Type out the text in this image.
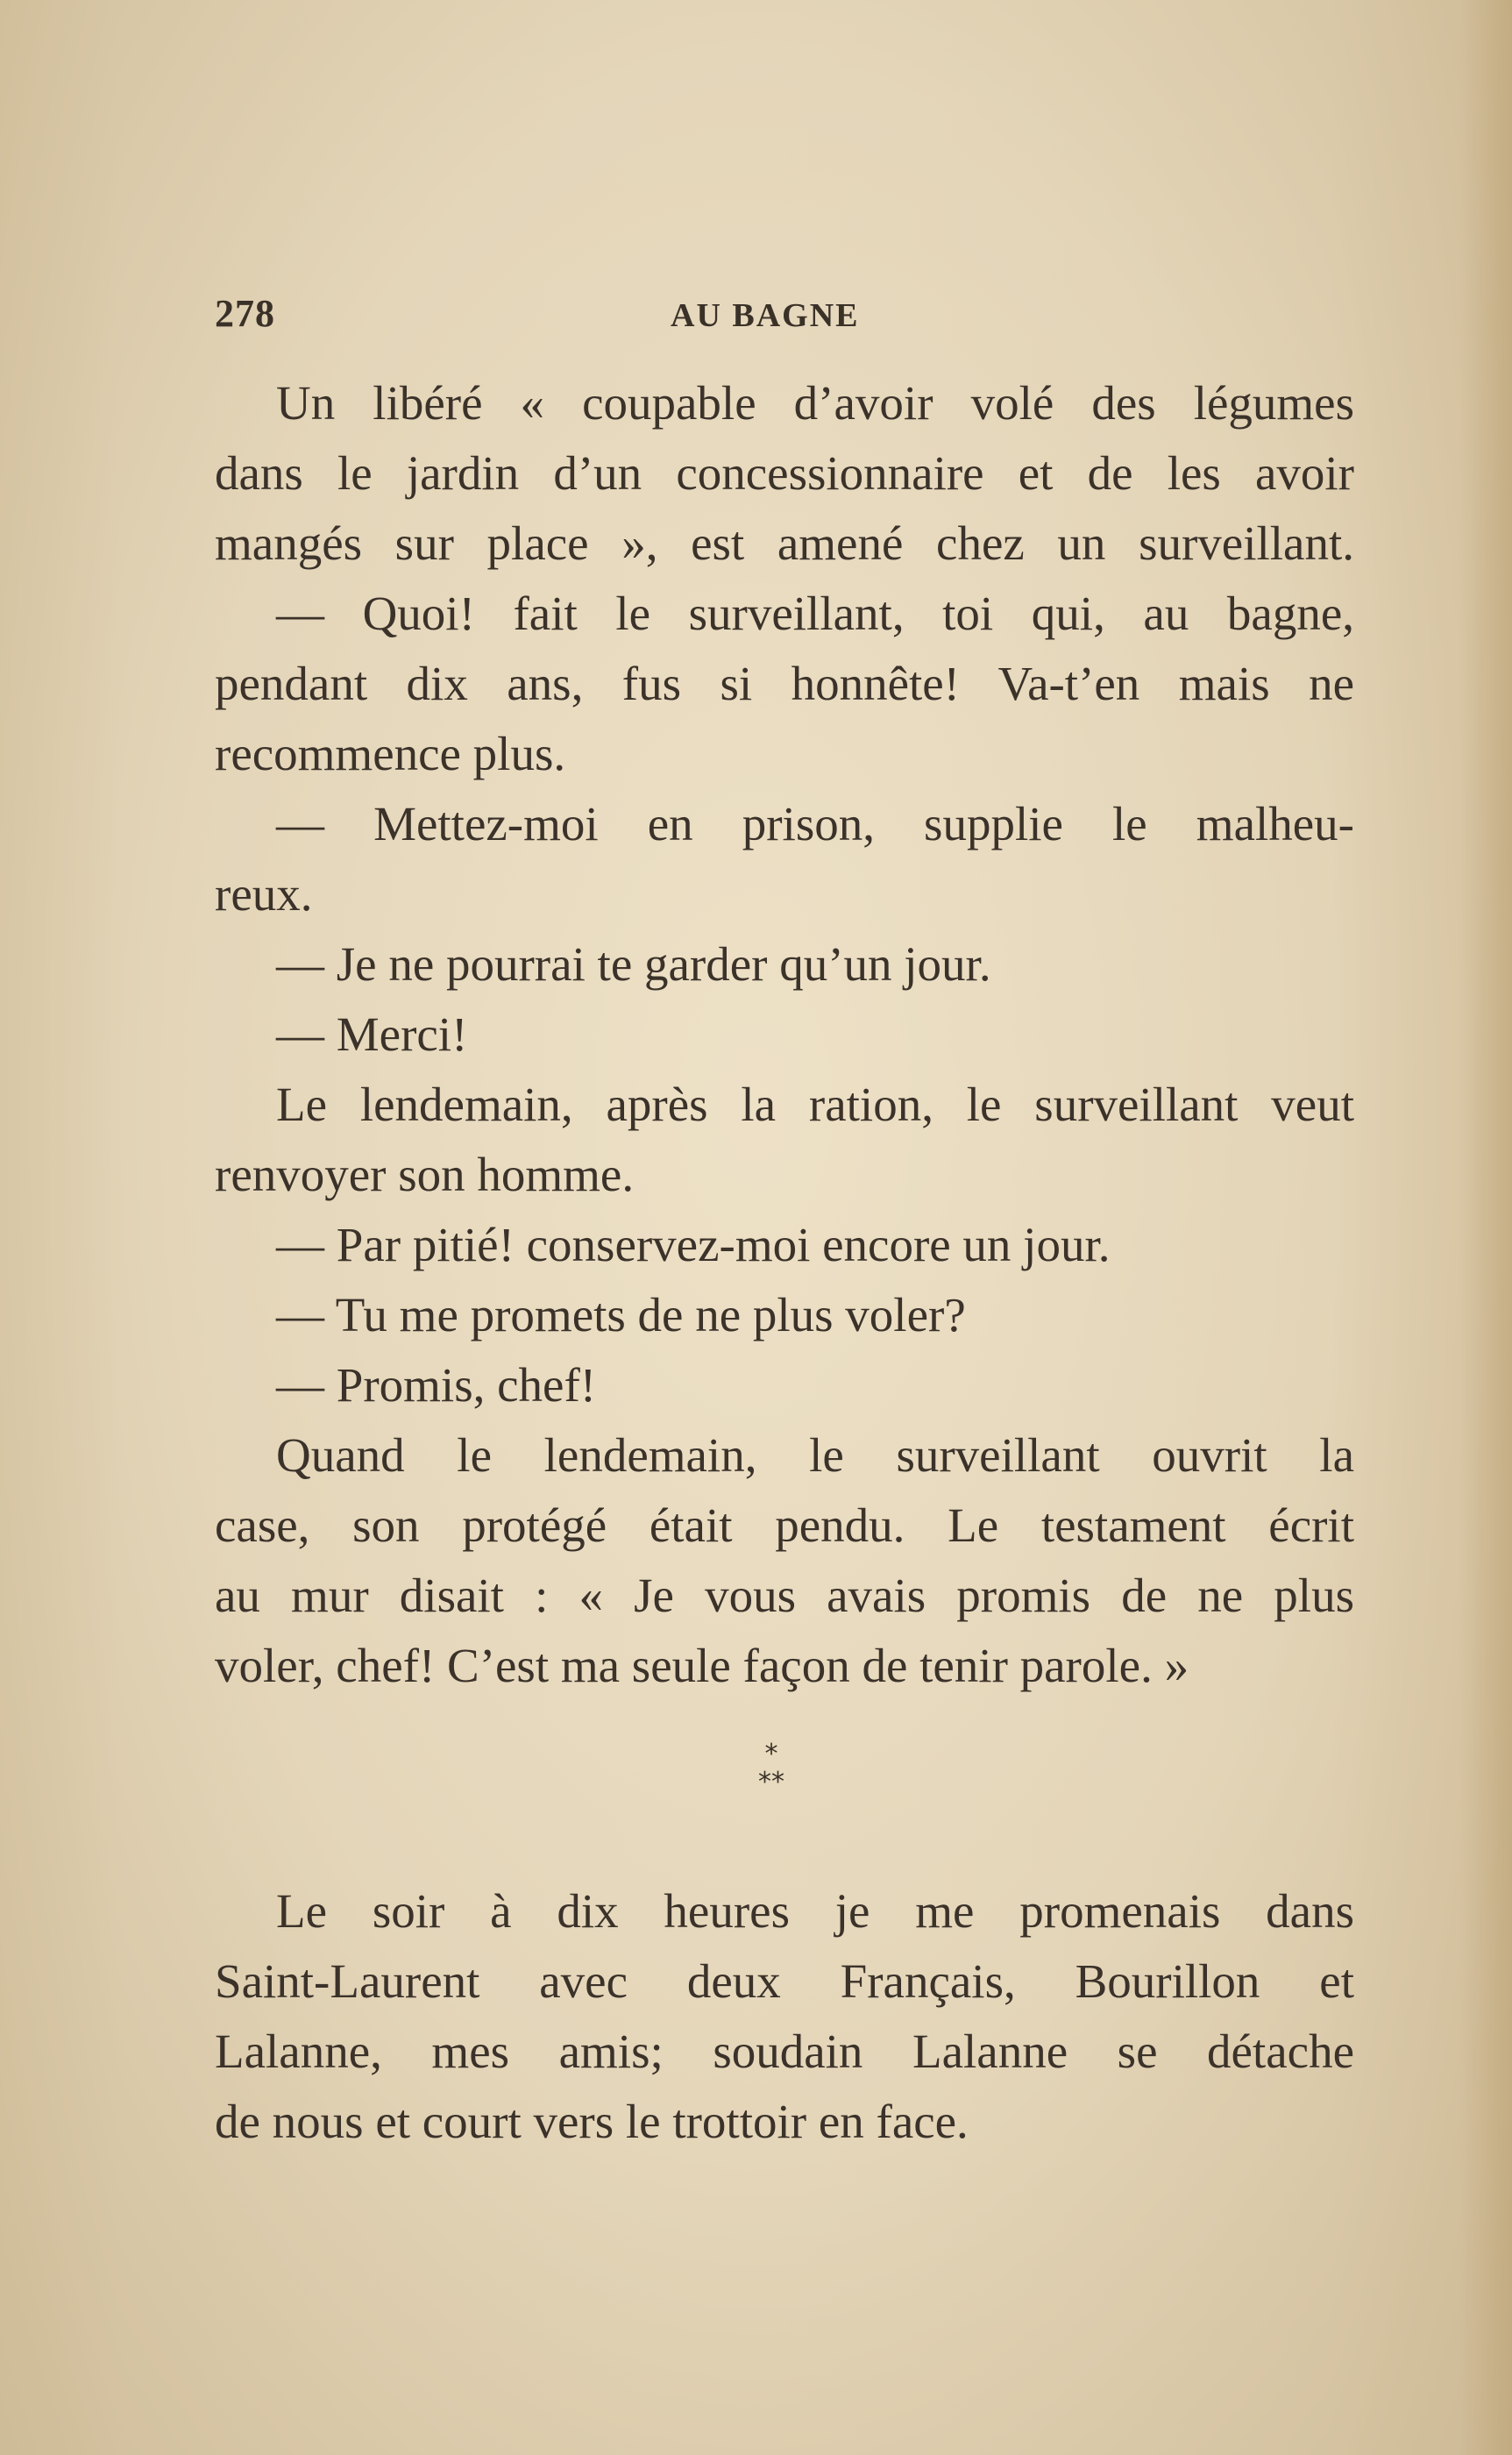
278	AU BAGNE
Un libéré « coupable d’avoir volé des légumes
dans le jardin d’un concessionnaire et de les avoir
mangés sur place », est amené chez un surveillant.
— Quoi! fait le surveillant, toi qui, au bagne,
pendant dix ans, fus si honnête! Va-t’en mais ne
recommence plus.
— Mettez-moi en prison, supplie le malheu-
reux.
— Je ne pourrai te garder qu’un jour.
— Merci!
Le lendemain, après la ration, le surveillant veut
renvoyer son homme.
— Par pitié! conservez-moi encore un jour.
— Tu me promets de ne plus voler?
— Promis, chef!
Quand le lendemain, le surveillant ouvrit la
case, son protégé était pendu. Le testament écrit
au mur disait : « Je vous avais promis de ne plus
voler, chef! C’est ma seule façon de tenir parole. »
*
**
Le soir à dix heures je me promenais dans
Saint-Laurent avec deux Français, Bourillon et
Lalanne, mes amis; soudain Lalanne se détache
de nous et court vers le trottoir en face.
